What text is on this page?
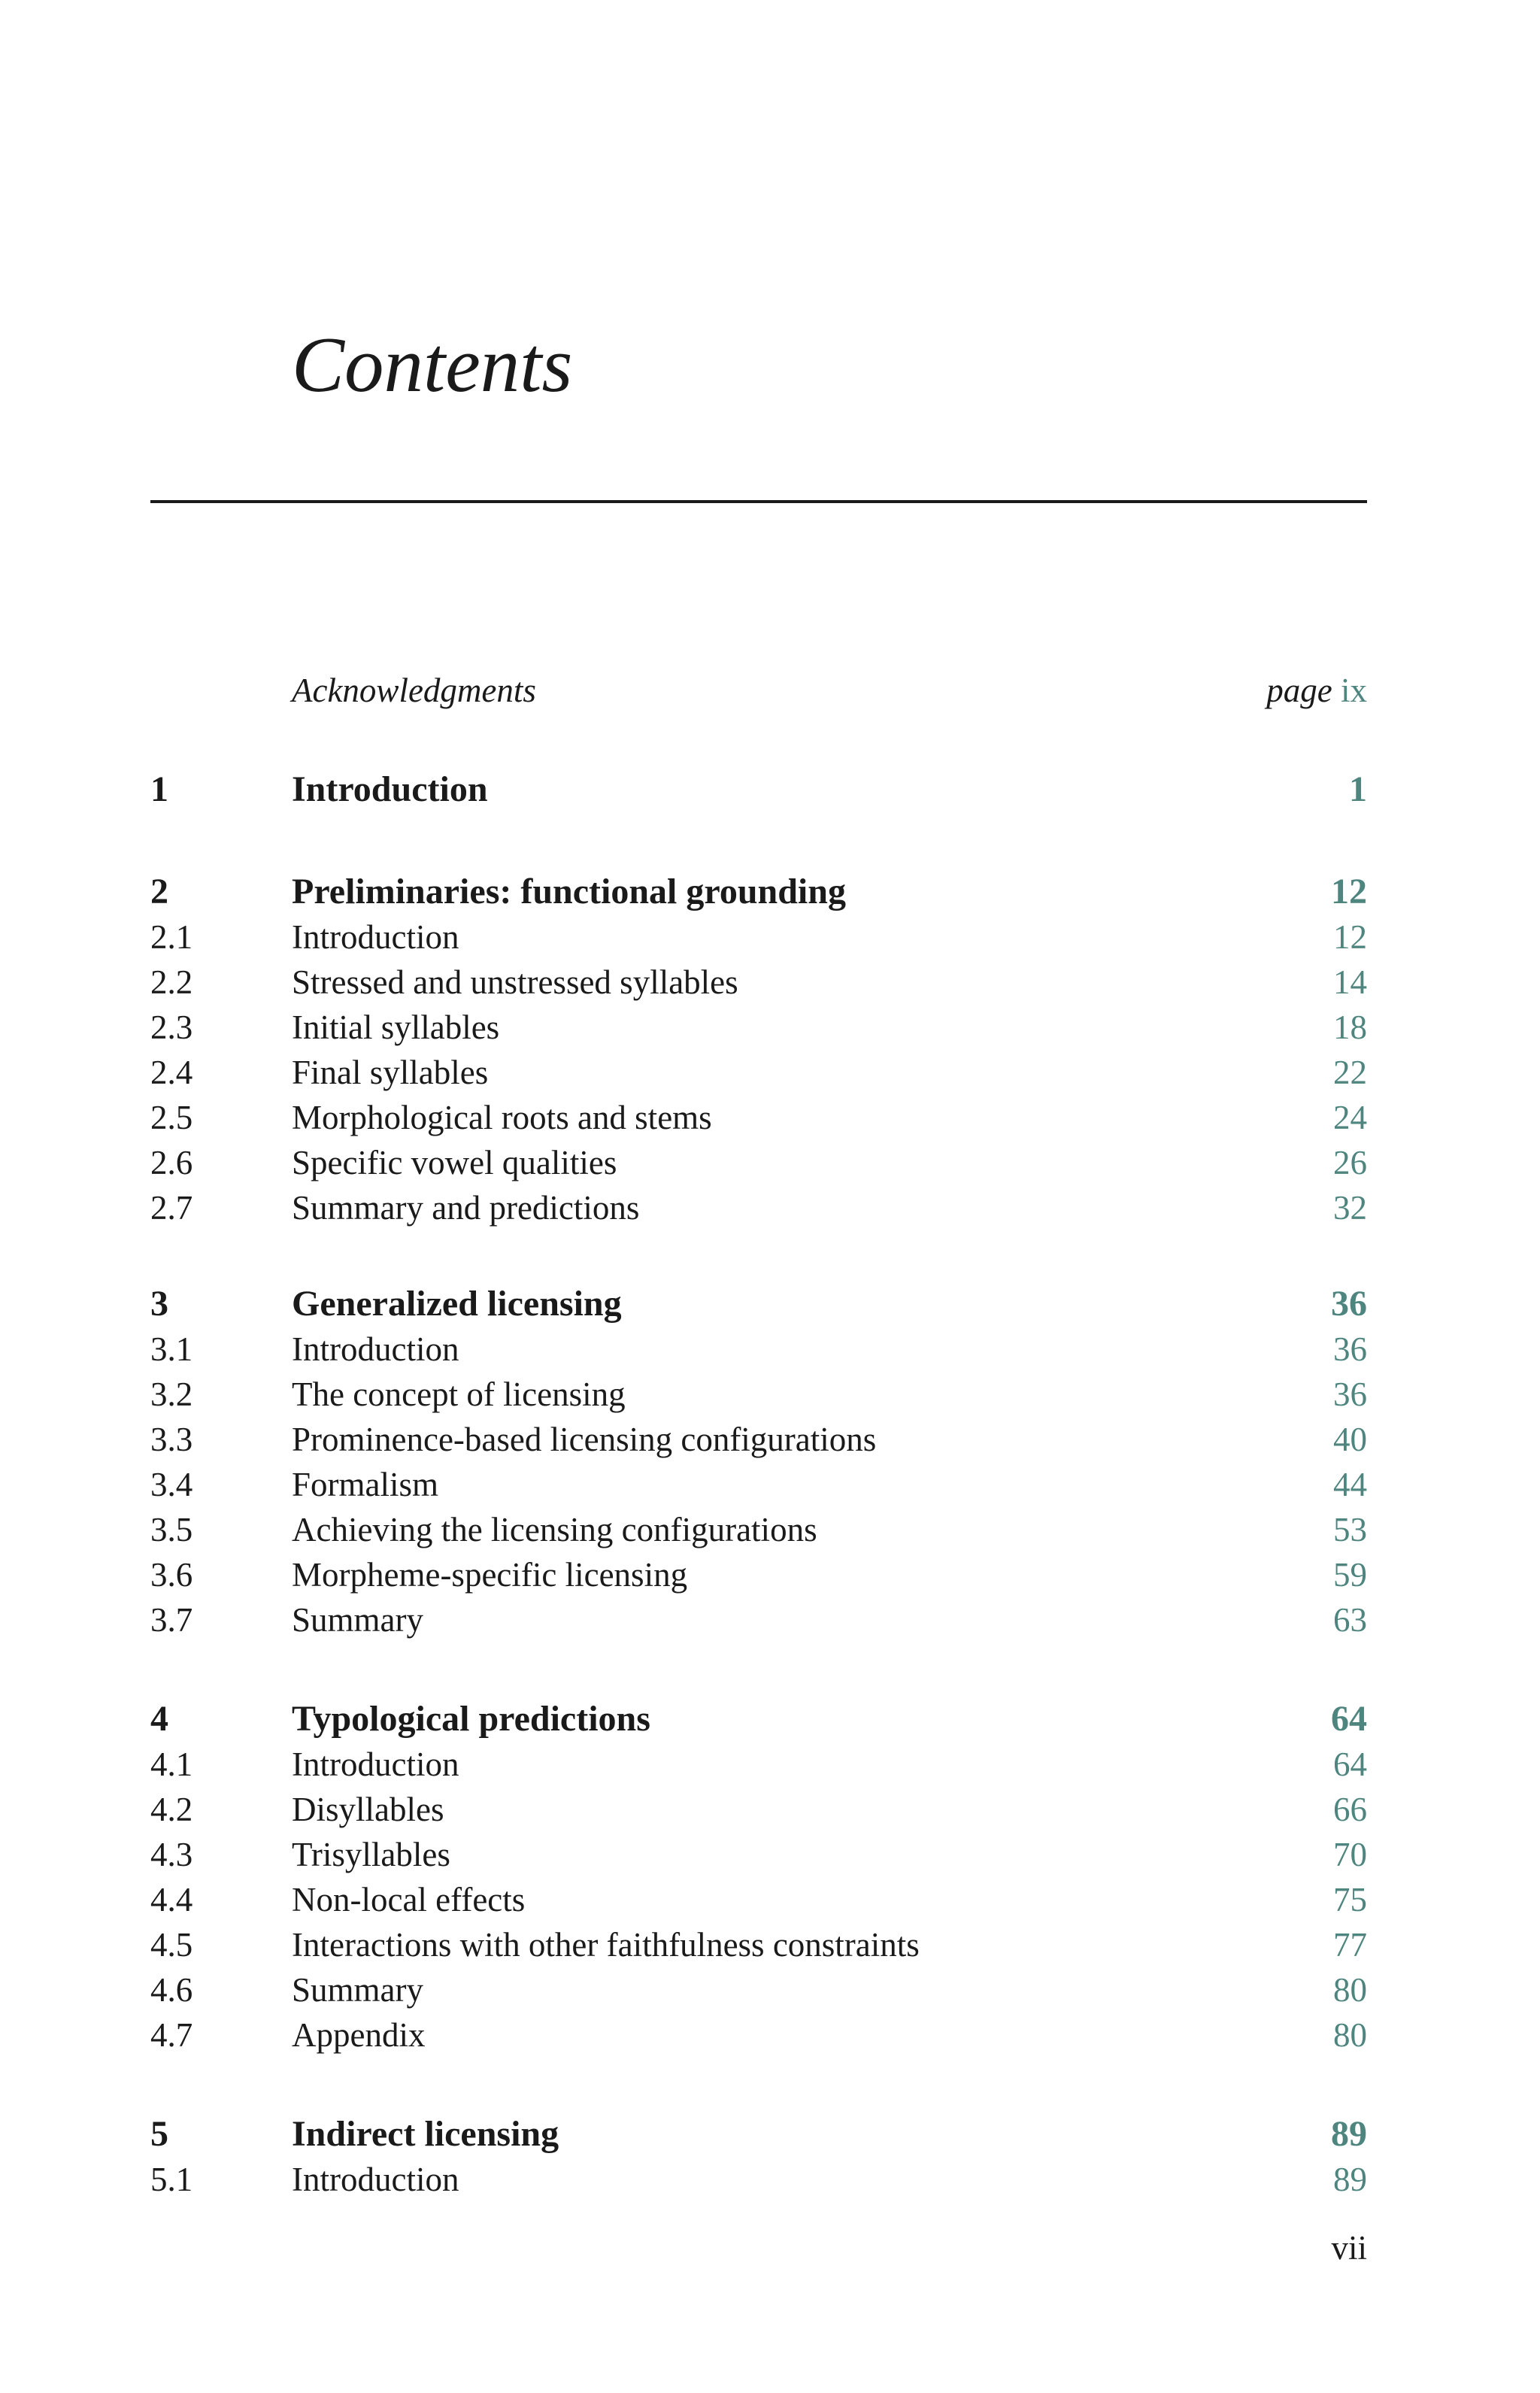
Contents
Acknowledgments	page ix
1	Introduction	1
2	Preliminaries: functional grounding	12
2.1	Introduction	12
2.2	Stressed and unstressed syllables	14
2.3	Initial syllables	18
2.4	Final syllables	22
2.5	Morphological roots and stems	24
2.6	Specific vowel qualities	26
2.7	Summary and predictions	32
3	Generalized licensing	36
3.1	Introduction	36
3.2	The concept of licensing	36
3.3	Prominence-based licensing configurations	40
3.4	Formalism	44
3.5	Achieving the licensing configurations	53
3.6	Morpheme-specific licensing	59
3.7	Summary	63
4	Typological predictions	64
4.1	Introduction	64
4.2	Disyllables	66
4.3	Trisyllables	70
4.4	Non-local effects	75
4.5	Interactions with other faithfulness constraints	77
4.6	Summary	80
4.7	Appendix	80
5	Indirect licensing	89
5.1	Introduction	89
vii
